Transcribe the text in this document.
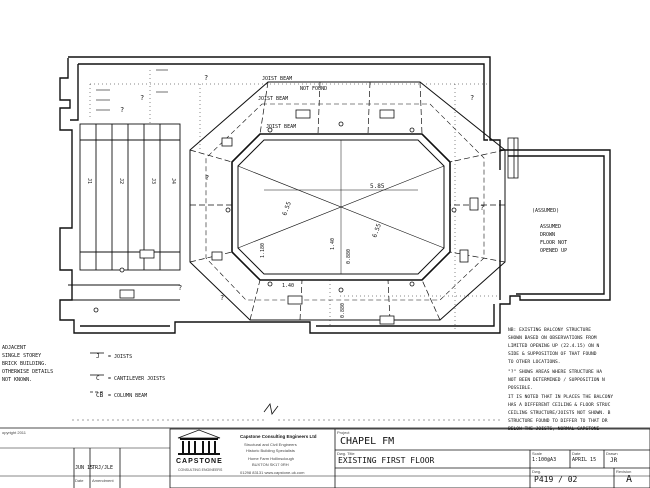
JOIST BEAM
JOIST BEAM
JOIST BEAM
NOT FOUND
5.85
6.55
6.55
1.40
1.40
0.880
0.880
1.180
J1	J2	J3	J4
?
?
?
?
?
?
?
?
(ASSUMED)
ASSUMED
DROWN
FLOOR NOT
OPENED UP
ADJACENT
SINGLE STOREY
BRICK BUILDING.
OTHERWISE DETAILS
NOT KNOWN.
J = JOISTS
C = CANTILEVER JOISTS
CB = COLUMN BEAM
NB: EXISTING BALCONY STRUCTURE
SHOWN BASED ON OBSERVATIONS FROM
LIMITED OPENING UP (22.4.15) ON N
SIDE & SUPPOSITION OF THAT FOUND
TO OTHER LOCATIONS.
"?" SHOWS AREAS WHERE STRUCTURE HA
NOT BEEN DETERMINED / SUPPOSITION N
POSSIBLE.
IT IS NOTED THAT IN PLACES THE BALCONY
HAS A DIFFERENT CEILING & FLOOR STRUC
CEILING STRUCTURE/JOISTS NOT SHOWN. B
STRUCTURE FOUND TO DIFFER TO THAT DR
BELOW THE JOISTS, NORMAL CAPSTONE
opyright 2011
JUN 15
TRJ/JLE
Date Amendment
CAPSTONE
CONSULTING ENGINEERS
Capstone Consulting Engineers Ltd
Structural and Civil Engineers
Historic Building Specialists
Home Farm Hollinsclough
BUXTON SK17 0RH
01298 83131 www.capstone-uk.com
Project
CHAPEL FM
Dwg. Title
EXISTING FIRST FLOOR
Scale
1:100@A3
Date
APRIL 15
Drawn
JR
Dwg.
P419 / 02
Revision
A
